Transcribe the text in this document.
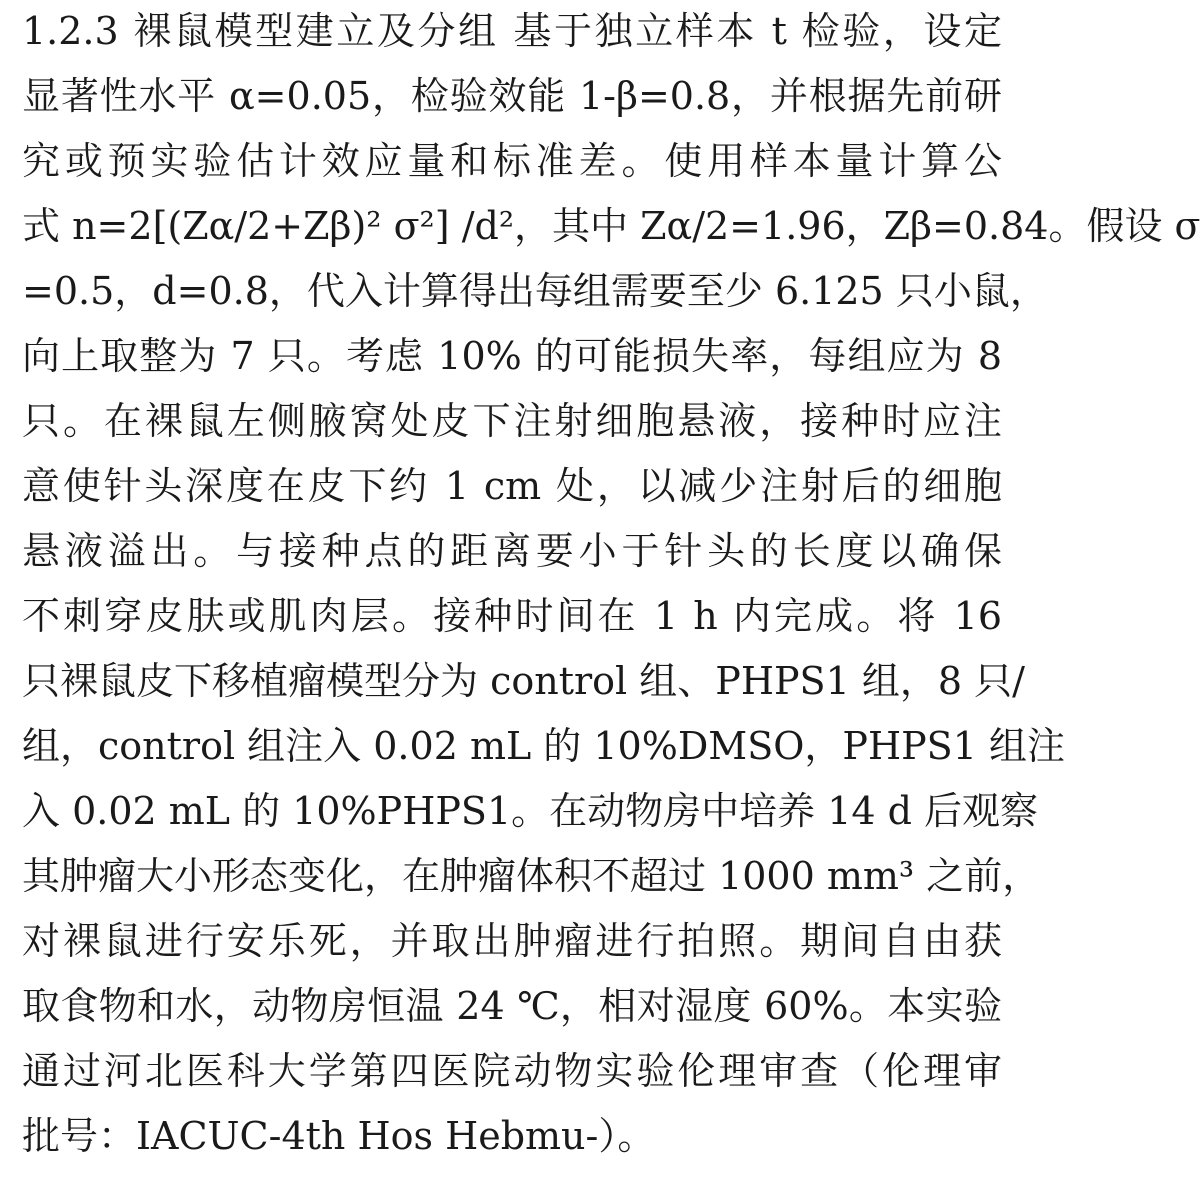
1.2.3 裸鼠模型建立及分组 基于独立样本 t 检验，设定
显著性水平 α=0.05，检验效能 1-β=0.8，并根据先前研
究或预实验估计效应量和标准差。使用样本量计算公
式 n=2[(Zα/2+Zβ)² σ²] /d²，其中 Zα/2=1.96，Zβ=0.84。假设 σ
=0.5，d=0.8，代入计算得出每组需要至少 6.125 只小鼠，
向上取整为 7 只。考虑 10% 的可能损失率，每组应为 8
只。在裸鼠左侧腋窝处皮下注射细胞悬液，接种时应注
意使针头深度在皮下约 1 cm 处，以减少注射后的细胞
悬液溢出。与接种点的距离要小于针头的长度以确保
不刺穿皮肤或肌肉层。接种时间在 1 h 内完成。将 16
只裸鼠皮下移植瘤模型分为 control 组、PHPS1 组，8 只/
组，control 组注入 0.02 mL 的 10%DMSO，PHPS1 组注
入 0.02 mL 的 10%PHPS1。在动物房中培养 14 d 后观察
其肿瘤大小形态变化，在肿瘤体积不超过 1000 mm³ 之前，
对裸鼠进行安乐死，并取出肿瘤进行拍照。期间自由获
取食物和水，动物房恒温 24 ℃，相对湿度 60%。本实验
通过河北医科大学第四医院动物实验伦理审查（伦理审
批号：IACUC-4th Hos Hebmu-）。
